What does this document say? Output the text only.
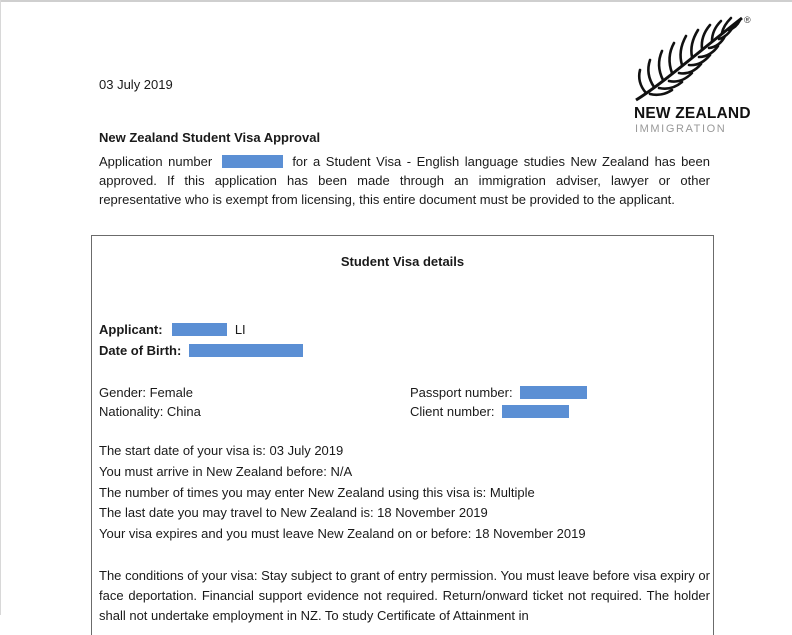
03 July 2019
®
NEW ZEALAND
IMMIGRATION
New Zealand Student Visa Approval
Application number	for a Student Visa - English language studies New Zealand has been approved. If this application has been made through an immigration adviser, lawyer or other representative who is exempt from licensing, this entire document must be provided to the applicant.
Student Visa details
Applicant:	LI
Date of Birth:
Gender: Female
Nationality: China
Passport number:
Client number:
The start date of your visa is: 03 July 2019
You must arrive in New Zealand before: N/A
The number of times you may enter New Zealand using this visa is: Multiple
The last date you may travel to New Zealand is: 18 November 2019
Your visa expires and you must leave New Zealand on or before: 18 November 2019
The conditions of your visa: Stay subject to grant of entry permission. You must leave before visa expiry or face deportation. Financial support evidence not required. Return/onward ticket not required. The holder shall not undertake employment in NZ. To study Certificate of Attainment in
